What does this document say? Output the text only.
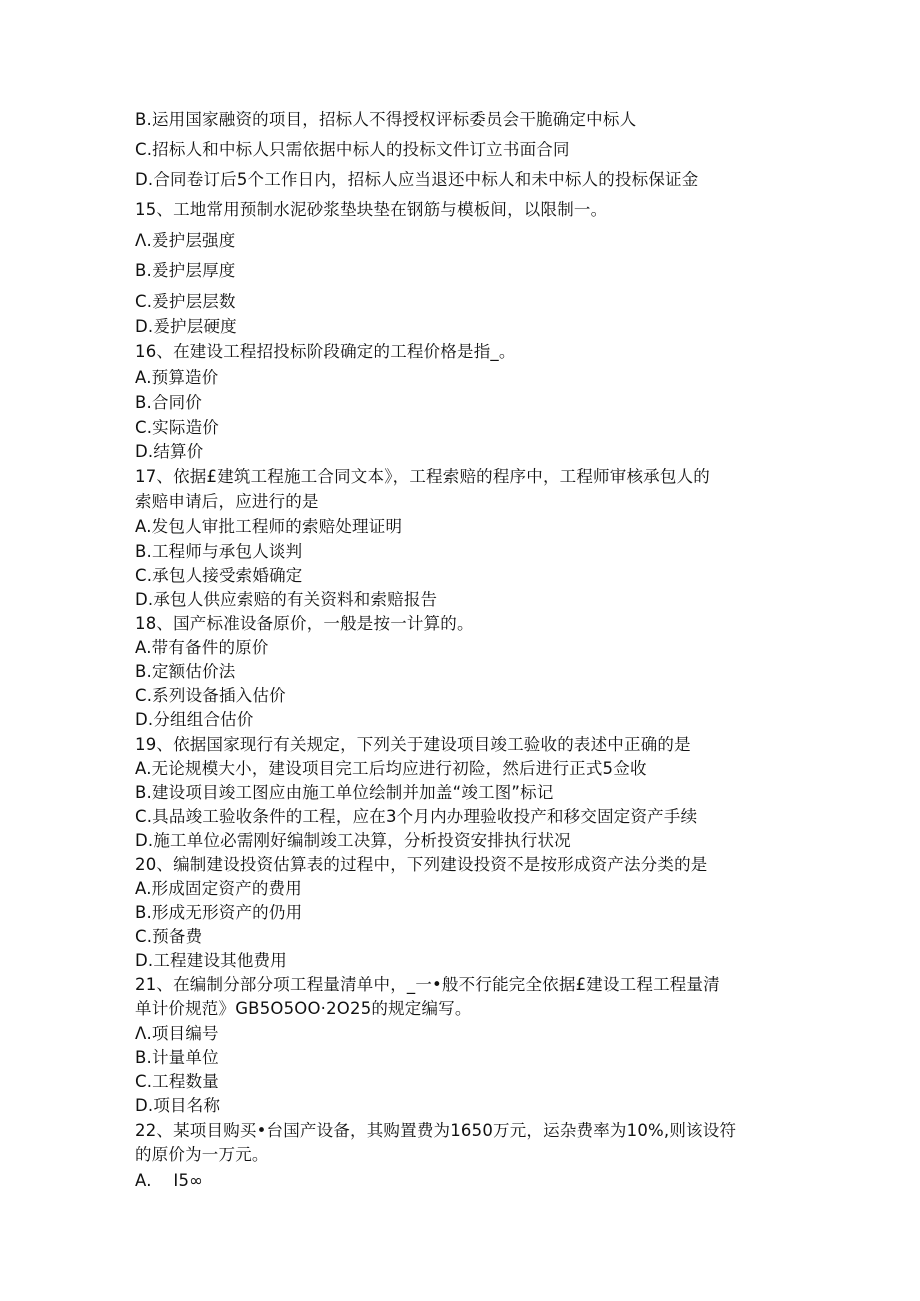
B.运用国家融资的项目，招标人不得授权评标委员会干脆确定中标人
C.招标人和中标人只需依据中标人的投标文件订立书面合同
D.合同卷订后5个工作日内，招标人应当退还中标人和未中标人的投标保证金
15、工地常用预制水泥砂浆垫块垫在钢筋与模板间，以限制一。
Λ.爰护层强度
B.爰护层厚度
C.爰护层层数
D.爰护层硬度
16、在建设工程招投标阶段确定的工程价格是指_。
A.预算造价
B.合同价
C.实际造价
D.结算价
17、依据£建筑工程施工合同文本》，工程索赔的程序中，工程师审核承包人的
索赔申请后，应进行的是
A.发包人审批工程师的索赔处理证明
B.工程师与承包人谈判
C.承包人接受索婚确定
D.承包人供应索赔的有关资料和索赔报告
18、国产标准设备原价，一般是按一计算的。
A.带有备件的原价
B.定额估价法
C.系列设备插入估价
D.分组组合估价
19、依据国家现行有关规定，下列关于建设项目竣工验收的表述中正确的是
A.无论规模大小，建设项目完工后均应进行初险，然后进行正式5佥收
B.建设项目竣工图应由施工单位绘制并加盖“竣工图”标记
C.具品竣工验收条件的工程，应在3个月内办理验收投产和移交固定资产手续
D.施工单位必需刚好编制竣工决算，分析投资安排执行状况
20、编制建设投资估算表的过程中，下列建设投资不是按形成资产法分类的是
A.形成固定资产的费用
B.形成无形资产的仍用
C.预备费
D.工程建设其他费用
21、在编制分部分项工程量清单中，_一•般不行能完全依据£建设工程工程量清
单计价规范》GB5O5OO·2O25的规定编写。
Λ.项目编号
B.计量单位
C.工程数量
D.项目名称
22、某项目购买•台国产设备，其购置费为1650万元，运杂费率为10%,则该设符
的原价为一万元。
A.    I5∞
